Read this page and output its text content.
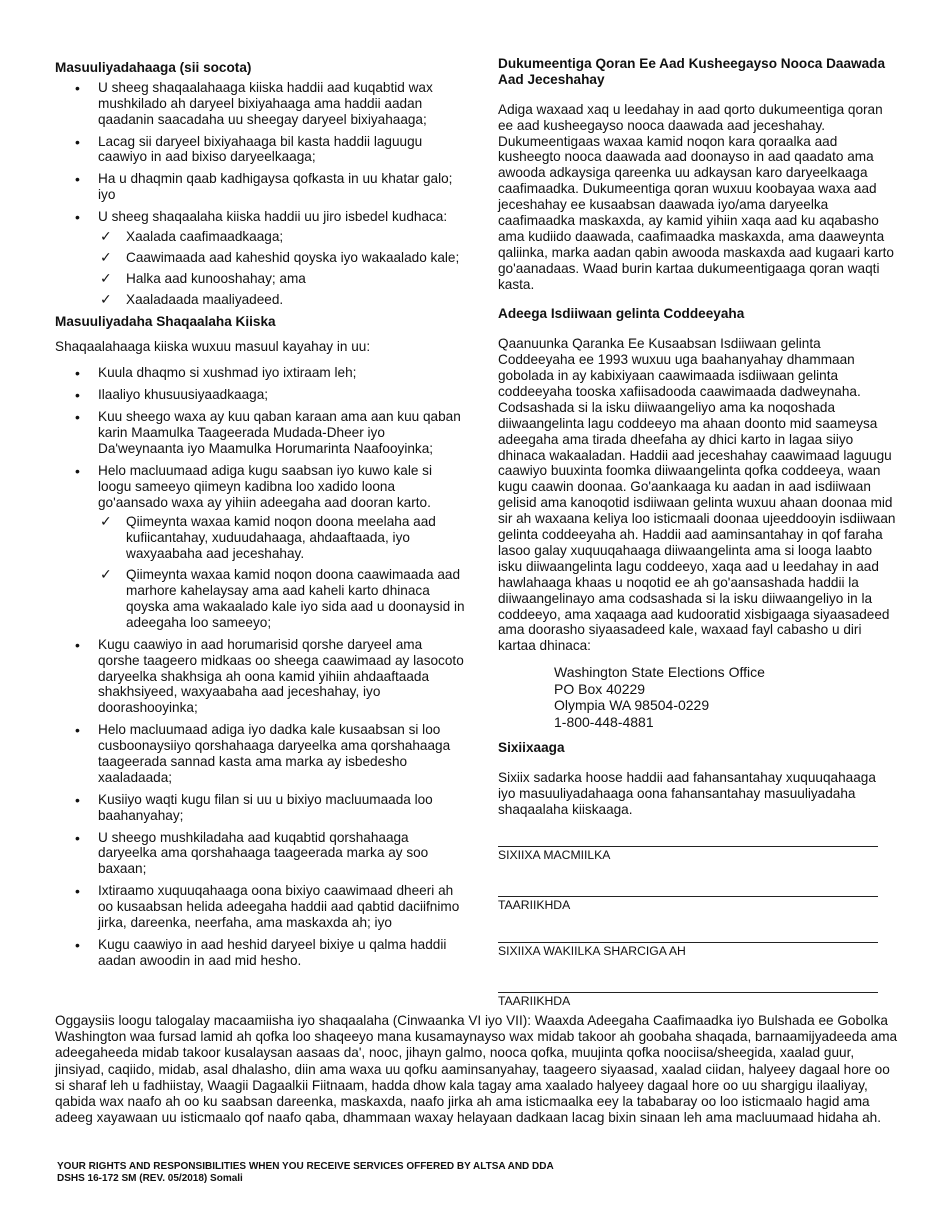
Masuuliyadahaaga (sii socota)

• U sheeg shaqaalahaaga kiiska haddii aad kuqabtid wax mushkilado ah daryeel bixiyahaaga ama haddii aadan qaadanin saacadaha uu sheegay daryeel bixiyahaaga;
• Lacag sii daryeel bixiyahaaga bil kasta haddii laguugu caawiyo in aad bixiso daryeelkaaga;
• Ha u dhaqmin qaab kadhigaysa qofkasta in uu khatar galo; iyo
• U sheeg shaqaalaha kiiska haddii uu jiro isbedel kudhaca:
✓ Xaalada caafimaadkaaga;
✓ Caawimaada aad kaheshid qoyska iyo wakaalado kale;
✓ Halka aad kunooshahay; ama
✓ Xaaladaada maaliyadeed.

Masuuliyadaha Shaqaalaha Kiiska

Shaqaalahaaga kiiska wuxuu masuul kayahay in uu:

• Kuula dhaqmo si xushmad iyo ixtiraam leh;
• Ilaaliyo khusuusiyaadkaaga;
• Kuu sheego waxa ay kuu qaban karaan ama aan kuu qaban karin Maamulka Taageerada Mudada-Dheer iyo Da'weynaanta iyo Maamulka Horumarinta Naafooyinka;
• Helo macluumaad adiga kugu saabsan iyo kuwo kale si loogu sameeyo qiimeyn kadibna loo xadido loona go'aansado waxa ay yihiin adeegaha aad dooran karto.
✓ Qiimeynta waxaa kamid noqon doona meelaha aad kufiicantahay, xuduudahaaga, ahdaaftaada, iyo waxyaabaha aad jeceshahay.
✓ Qiimeynta waxaa kamid noqon doona caawimaada aad marhore kahelaysay ama aad kaheli karto dhinaca qoyska ama wakaalado kale iyo sida aad u doonaysid in adeegaha loo sameeyo;
• Kugu caawiyo in aad horumarisid qorshe daryeel ama qorshe taageero midkaas oo sheega caawimaad ay lasocoto daryeelka shakhsiga ah oona kamid yihiin ahdaaftaada shakhsiyeed, waxyaabaha aad jeceshahay, iyo doorashooyinka;
• Helo macluumaad adiga iyo dadka kale kusaabsan si loo cusboonaysiiyo qorshahaaga daryeelka ama qorshahaaga taageerada sannad kasta ama marka ay isbedesho xaaladaada;
• Kusiiyo waqti kugu filan si uu u bixiyo macluumaada loo baahanyahay;
• U sheego mushkiladaha aad kuqabtid qorshahaaga daryeelka ama qorshahaaga taageerada marka ay soo baxaan;
• Ixtiraamo xuquuqahaaga oona bixiyo caawimaad dheeri ah oo kusaabsan helida adeegaha haddii aad qabtid daciifnimo jirka, dareenka, neerfaha, ama maskaxda ah; iyo
• Kugu caawiyo in aad heshid daryeel bixiye u qalma haddii aadan awoodin in aad mid hesho.

Dukumeentiga Qoran Ee Aad Kusheegayso Nooca Daawada Aad Jeceshahay

Adiga waxaad xaq u leedahay in aad qorto dukumeentiga qoran ee aad kusheegayso nooca daawada aad jeceshahay. Dukumeentigaas waxaa kamid noqon kara qoraalka aad kusheegto nooca daawada aad doonayso in aad qaadato ama awooda adkaysiga qareenka uu adkaysan karo daryeelkaaga caafimaadka. Dukumeentiga qoran wuxuu koobayaa waxa aad jeceshahay ee kusaabsan daawada iyo/ama daryeelka caafimaadka maskaxda, ay kamid yihiin xaqa aad ku aqabasho ama kudiido daawada, caafimaadka maskaxda, ama daaweynta qaliinka, marka aadan qabin awooda maskaxda aad kugaari karto go'aanadaas. Waad burin kartaa dukumeentigaaga qoran waqti kasta.

Adeega Isdiiwaan gelinta Coddeeyaha

Qaanuunka Qaranka Ee Kusaabsan Isdiiwaan gelinta Coddeeyaha ee 1993 wuxuu uga baahanyahay dhammaan gobolada in ay kabixiyaan caawimaada isdiiwaan gelinta coddeeyaha tooska xafiisadooda caawimaada dadweynaha. Codsashada si la isku diiwaangeliyo ama ka noqoshada diiwaangelinta lagu coddeeyo ma ahaan doonto mid saameysa adeegaha ama tirada dheefaha ay dhici karto in lagaa siiyo dhinaca wakaaladan. Haddii aad jeceshahay caawimaad laguugu caawiyo buuxinta foomka diiwaangelinta qofka coddeeya, waan kugu caawin doonaa. Go'aankaaga ku aadan in aad isdiiwaan gelisid ama kanoqotid isdiiwaan gelinta wuxuu ahaan doonaa mid sir ah waxaana keliya loo isticmaali doonaa ujeeddooyin isdiiwaan gelinta coddeeyaha ah. Haddii aad aaminsantahay in qof faraha lasoo galay xuquuqahaaga diiwaangelinta ama si looga laabto isku diiwaangelinta lagu coddeeyo, xaqa aad u leedahay in aad hawlahaaga khaas u noqotid ee ah go'aansashada haddii la diiwaangelinayo ama codsashada si la isku diiwaangeliyo in la coddeeyo, ama xaqaaga aad kudooratid xisbigaaga siyaasadeed ama doorasho siyaasadeed kale, waxaad fayl cabasho u diri kartaa dhinaca:

Washington State Elections Office
PO Box 40229
Olympia WA 98504-0229
1-800-448-4881

Sixiixaaga

Sixiix sadarka hoose haddii aad fahansantahay xuquuqahaaga iyo masuuliyadahaaga oona fahansantahay masuuliyadaha shaqaalaha kiiskaaga.

SIXIIXA MACMIILKA
TAARIIKHDA
SIXIIXA WAKIILKA SHARCIGA AH
TAARIIKHDA

Oggaysiis loogu talogalay macaamiisha iyo shaqaalaha (Cinwaanka VI iyo VII): Waaxda Adeegaha Caafimaadka iyo Bulshada ee Gobolka Washington waa fursad lamid ah qofka loo shaqeeyo mana kusamaynayso wax midab takoor ah goobaha shaqada, barnaamijyadeeda ama adeegaheeda midab takoor kusalaysan aasaas da', nooc, jihayn galmo, nooca qofka, muujinta qofka noociisa/sheegida, xaalad guur, jinsiyad, caqiido, midab, asal dhalasho, diin ama waxa uu qofku aaminsanyahay, taageero siyaasad, xaalad ciidan, halyeey dagaal hore oo si sharaf leh u fadhiistay, Waagii Dagaalkii Fiitnaam, hadda dhow kala tagay ama xaalado halyeey dagaal hore oo uu shargigu ilaaliyay, qabida wax naafo ah oo ku saabsan dareenka, maskaxda, naafo jirka ah ama isticmaalka eey la tababaray oo loo isticmaalo hagid ama adeeg xayawaan uu isticmaalo qof naafo qaba, dhammaan waxay helayaan dadkaan lacag bixin sinaan leh ama macluumaad hidaha ah.

YOUR RIGHTS AND RESPONSIBILITIES WHEN YOU RECEIVE SERVICES OFFERED BY ALTSA AND DDA
DSHS 16-172 SM (REV. 05/2018) Somali
